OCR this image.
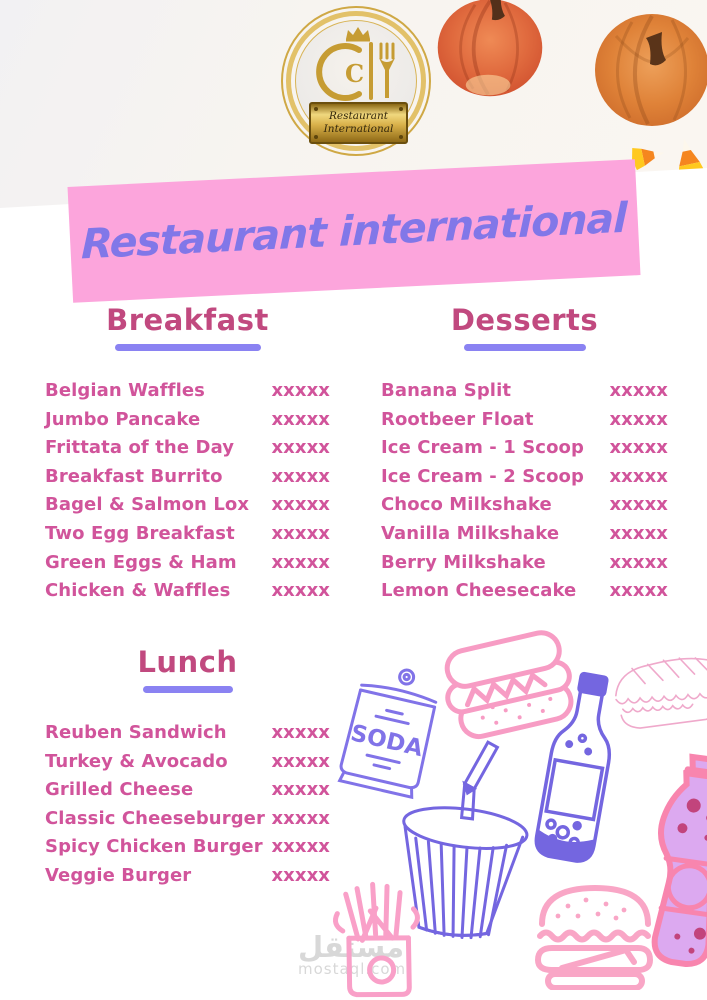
C
Restaurant
International
Restaurant international
Breakfast
Belgian Waffles	xxxxx
Jumbo Pancake	xxxxx
Frittata of the Day xxxxx
Breakfast Burrito	xxxxx
Bagel & Salmon Lox xxxxx
Two Egg Breakfast xxxxx
Green Eggs & Ham xxxxx
Chicken & Waffles xxxxx
Desserts
Banana Split	xxxxx
Rootbeer Float	xxxxx
Ice Cream - 1 Scoop xxxxx
Ice Cream - 2 Scoop xxxxx
Choco Milkshake	xxxxx
Vanilla Milkshake	xxxxx
Berry Milkshake	xxxxx
Lemon Cheesecake xxxxx
Lunch
Reuben Sandwich xxxxx
Turkey & Avocado xxxxx
Grilled Cheese	xxxxx
Classic Cheeseburger xxxxx
Spicy Chicken Burger xxxxx
Veggie Burger	xxxxx
مستقل
mostaql.com
SODA
